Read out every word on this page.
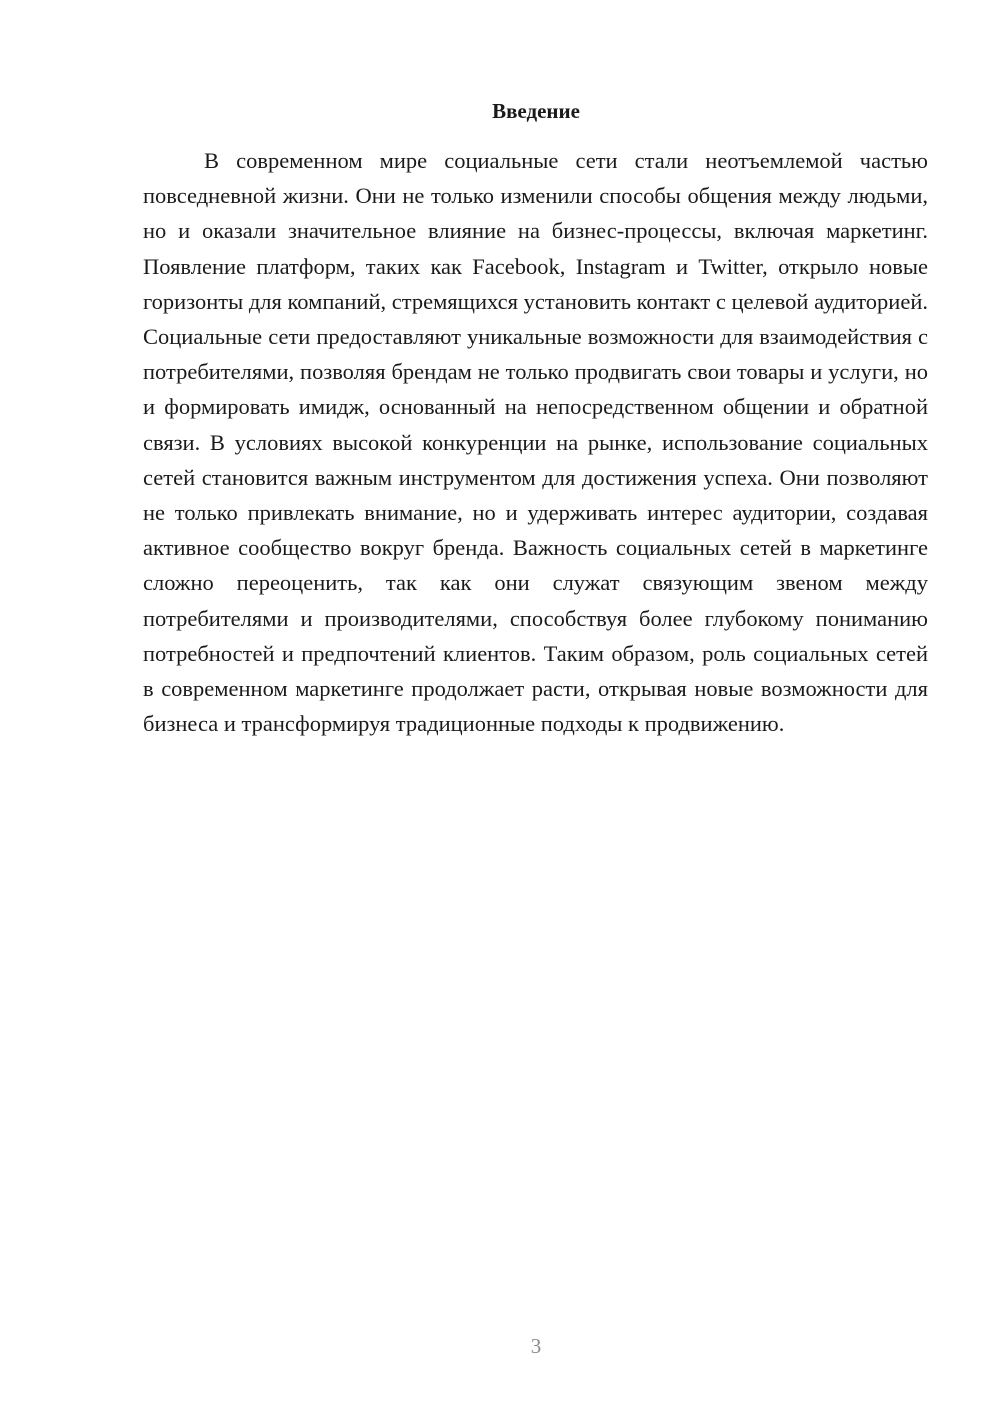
Введение

В современном мире социальные сети стали неотъемлемой частью повседневной жизни. Они не только изменили способы общения между людьми, но и оказали значительное влияние на бизнес-процессы, включая маркетинг. Появление платформ, таких как Facebook, Instagram и Twitter, открыло новые горизонты для компаний, стремящихся установить контакт с целевой аудиторией. Социальные сети предоставляют уникальные возможности для взаимодействия с потребителями, позволяя брендам не только продвигать свои товары и услуги, но и формировать имидж, основанный на непосредственном общении и обратной связи. В условиях высокой конкуренции на рынке, использование социальных сетей становится важным инструментом для достижения успеха. Они позволяют не только привлекать внимание, но и удерживать интерес аудитории, создавая активное сообщество вокруг бренда. Важность социальных сетей в маркетинге сложно переоценить, так как они служат связующим звеном между потребителями и производителями, способствуя более глубокому пониманию потребностей и предпочтений клиентов. Таким образом, роль социальных сетей в современном маркетинге продолжает расти, открывая новые возможности для бизнеса и трансформируя традиционные подходы к продвижению.

3
